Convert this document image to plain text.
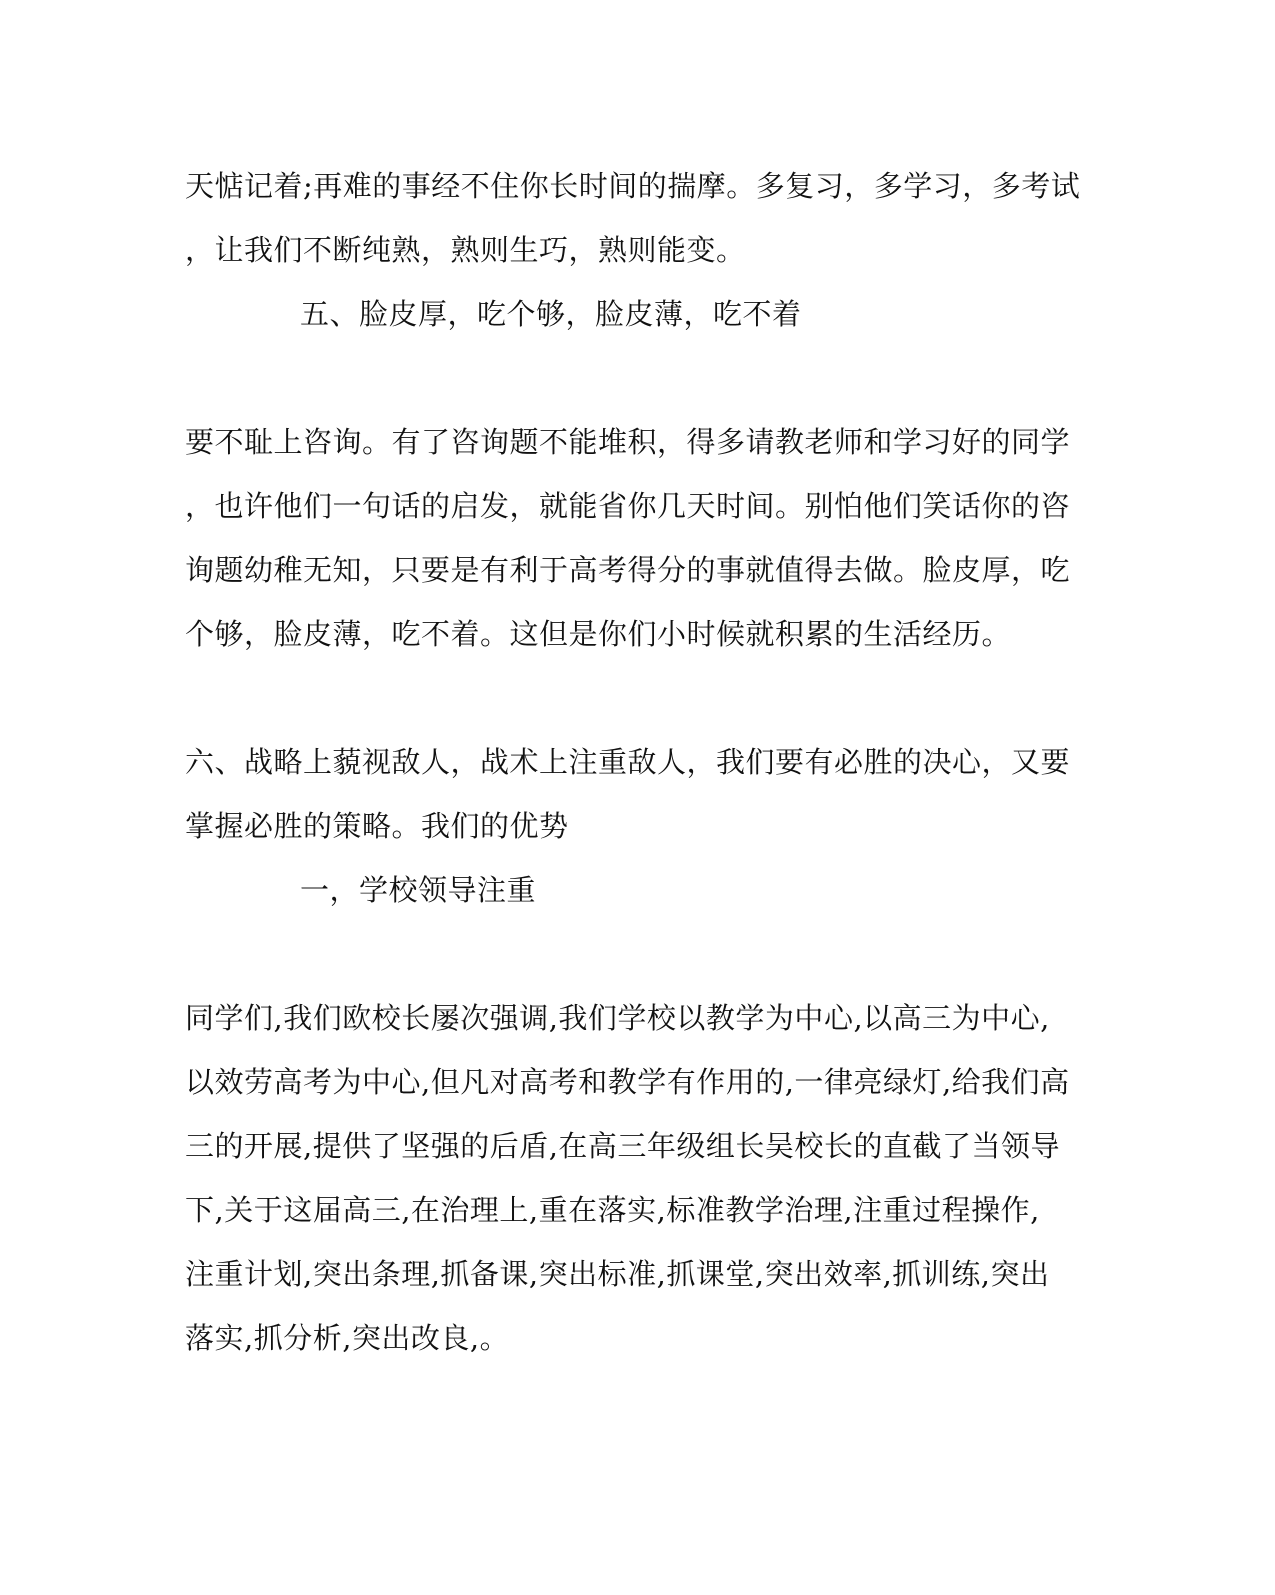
天惦记着;再难的事经不住你长时间的揣摩。多复习，多学习，多考试
，让我们不断纯熟，熟则生巧，熟则能变。
五、脸皮厚，吃个够，脸皮薄，吃不着
要不耻上咨询。有了咨询题不能堆积，得多请教老师和学习好的同学
，也许他们一句话的启发，就能省你几天时间。别怕他们笑话你的咨
询题幼稚无知，只要是有利于高考得分的事就值得去做。脸皮厚，吃
个够，脸皮薄，吃不着。这但是你们小时候就积累的生活经历。
六、战略上藐视敌人，战术上注重敌人，我们要有必胜的决心，又要
掌握必胜的策略。我们的优势
一，学校领导注重
同学们,我们欧校长屡次强调,我们学校以教学为中心,以高三为中心,
以效劳高考为中心,但凡对高考和教学有作用的,一律亮绿灯,给我们高
三的开展,提供了坚强的后盾,在高三年级组长吴校长的直截了当领导
下,关于这届高三,在治理上,重在落实,标准教学治理,注重过程操作,
注重计划,突出条理,抓备课,突出标准,抓课堂,突出效率,抓训练,突出
落实,抓分析,突出改良,。
